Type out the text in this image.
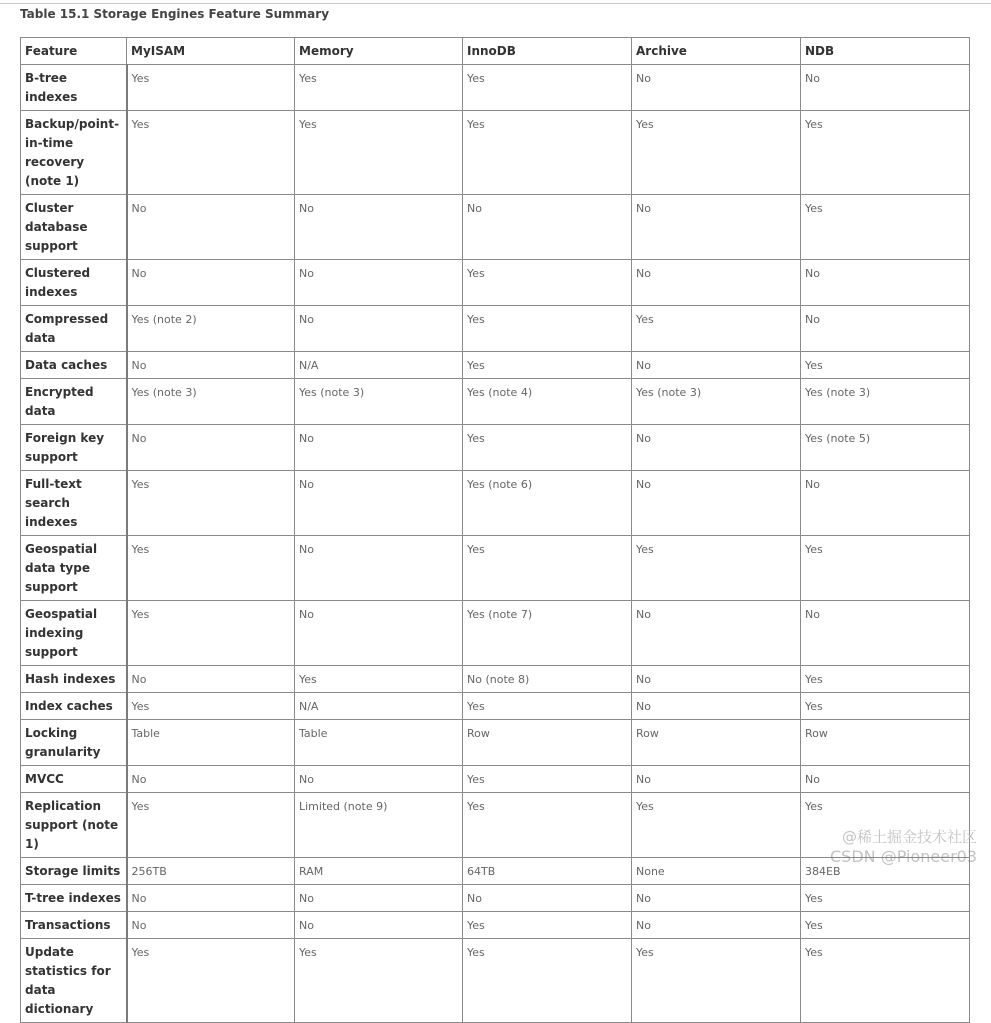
Table 15.1 Storage Engines Feature Summary
Feature	MyISAM	Memory	InnoDB	Archive	NDB
B-tree indexes	Yes	Yes	Yes	No	No
Backup/point-in-time recovery (note 1)	Yes	Yes	Yes	Yes	Yes
Cluster database support	No	No	No	No	Yes
Clustered indexes	No	No	Yes	No	No
Compressed data	Yes (note 2)	No	Yes	Yes	No
Data caches	No	N/A	Yes	No	Yes
Encrypted data	Yes (note 3)	Yes (note 3)	Yes (note 4)	Yes (note 3)	Yes (note 3)
Foreign key support	No	No	Yes	No	Yes (note 5)
Full-text search indexes	Yes	No	Yes (note 6)	No	No
Geospatial data type support	Yes	No	Yes	Yes	Yes
Geospatial indexing support	Yes	No	Yes (note 7)	No	No
Hash indexes	No	Yes	No (note 8)	No	Yes
Index caches	Yes	N/A	Yes	No	Yes
Locking granularity	Table	Table	Row	Row	Row
MVCC	No	No	Yes	No	No
Replication support (note 1)	Yes	Limited (note 9)	Yes	Yes	Yes
Storage limits	256TB	RAM	64TB	None	384EB
T-tree indexes	No	No	No	No	Yes
Transactions	No	No	Yes	No	Yes
Update statistics for data dictionary	Yes	Yes	Yes	Yes	Yes
@稀土掘金技术社区
CSDN @Pioneer03
